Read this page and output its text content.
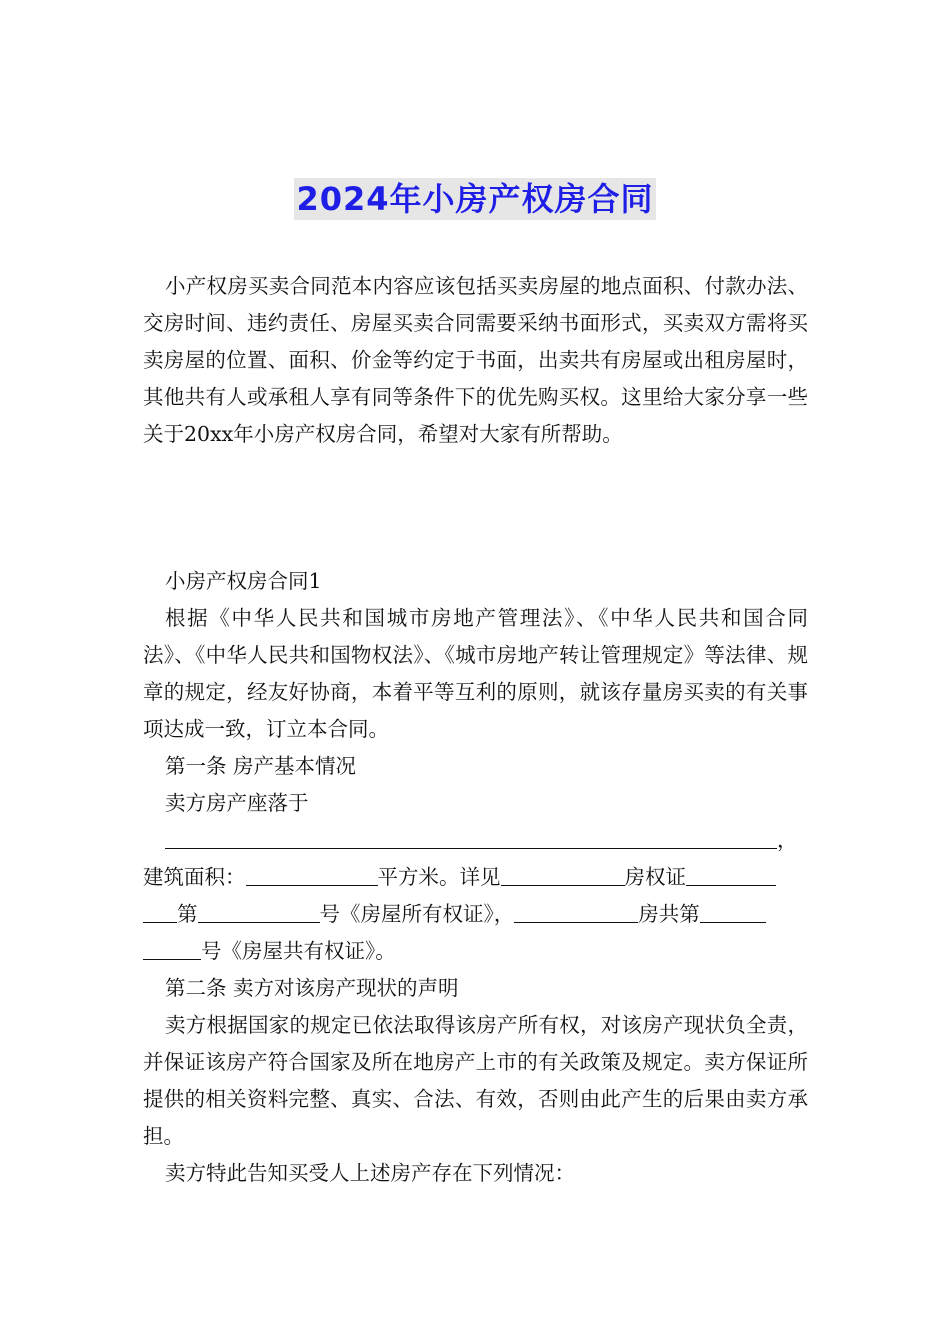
2024年小房产权房合同

小产权房买卖合同范本内容应该包括买卖房屋的地点面积、付款办法、交房时间、违约责任、房屋买卖合同需要采纳书面形式，买卖双方需将买卖房屋的位置、面积、价金等约定于书面，出卖共有房屋或出租房屋时，其他共有人或承租人享有同等条件下的优先购买权。这里给大家分享一些关于20xx年小房产权房合同，希望对大家有所帮助。

小房产权房合同1

根据《中华人民共和国城市房地产管理法》、《中华人民共和国合同法》、《中华人民共和国物权法》、《城市房地产转让管理规定》等法律、规章的规定，经友好协商，本着平等互利的原则，就该存量房买卖的有关事项达成一致，订立本合同。

第一条 房产基本情况

卖方房产座落于

，

建筑面积：	平方米。详见	房权证
第	号《房屋所有权证》，	房共第
号《房屋共有权证》。

第二条 卖方对该房产现状的声明

卖方根据国家的规定已依法取得该房产所有权，对该房产现状负全责，并保证该房产符合国家及所在地房产上市的有关政策及规定。卖方保证所提供的相关资料完整、真实、合法、有效，否则由此产生的后果由卖方承担。

卖方特此告知买受人上述房产存在下列情况：
